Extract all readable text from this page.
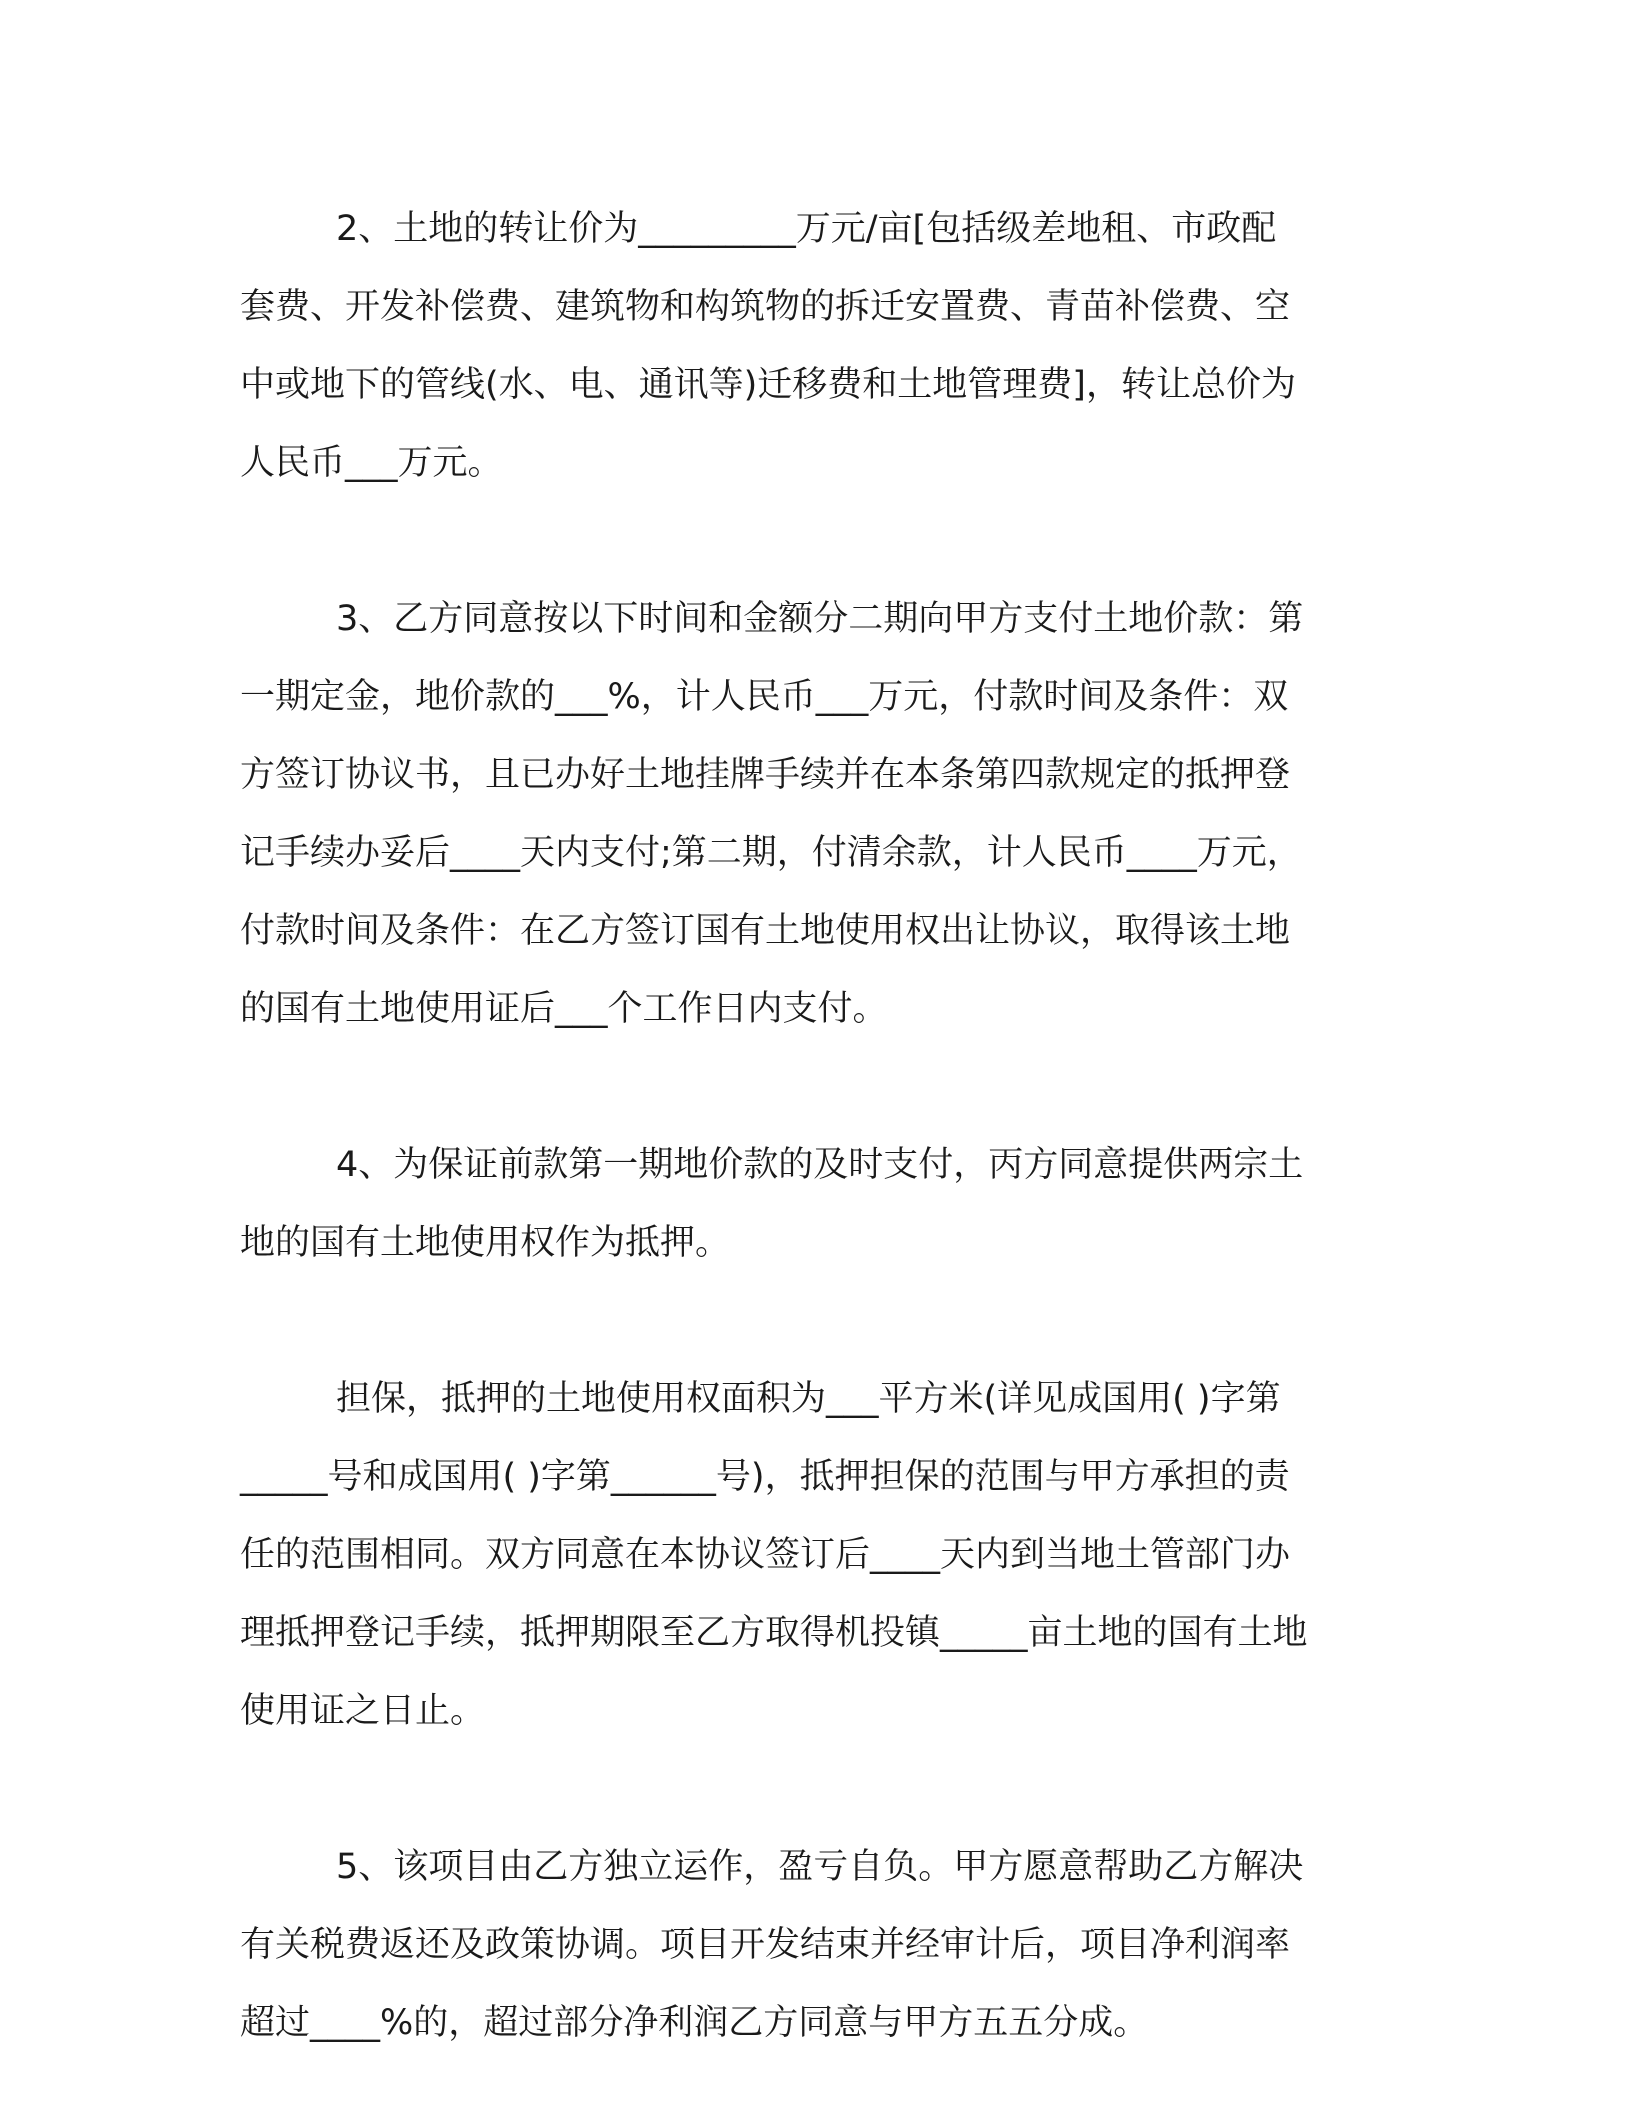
2、土地的转让价为_________万元/亩[包括级差地租、市政配
套费、开发补偿费、建筑物和构筑物的拆迁安置费、青苗补偿费、空
中或地下的管线(水、电、通讯等)迁移费和土地管理费]，转让总价为
人民币___万元。

3、乙方同意按以下时间和金额分二期向甲方支付土地价款：第
一期定金，地价款的___%，计人民币___万元，付款时间及条件：双
方签订协议书，且已办好土地挂牌手续并在本条第四款规定的抵押登
记手续办妥后____天内支付;第二期，付清余款，计人民币____万元，
付款时间及条件：在乙方签订国有土地使用权出让协议，取得该土地
的国有土地使用证后___个工作日内支付。

4、为保证前款第一期地价款的及时支付，丙方同意提供两宗土
地的国有土地使用权作为抵押。

担保，抵押的土地使用权面积为___平方米(详见成国用( )字第
_____号和成国用( )字第______号)，抵押担保的范围与甲方承担的责
任的范围相同。双方同意在本协议签订后____天内到当地土管部门办
理抵押登记手续，抵押期限至乙方取得机投镇_____亩土地的国有土地
使用证之日止。

5、该项目由乙方独立运作，盈亏自负。甲方愿意帮助乙方解决
有关税费返还及政策协调。项目开发结束并经审计后，项目净利润率
超过____%的，超过部分净利润乙方同意与甲方五五分成。
